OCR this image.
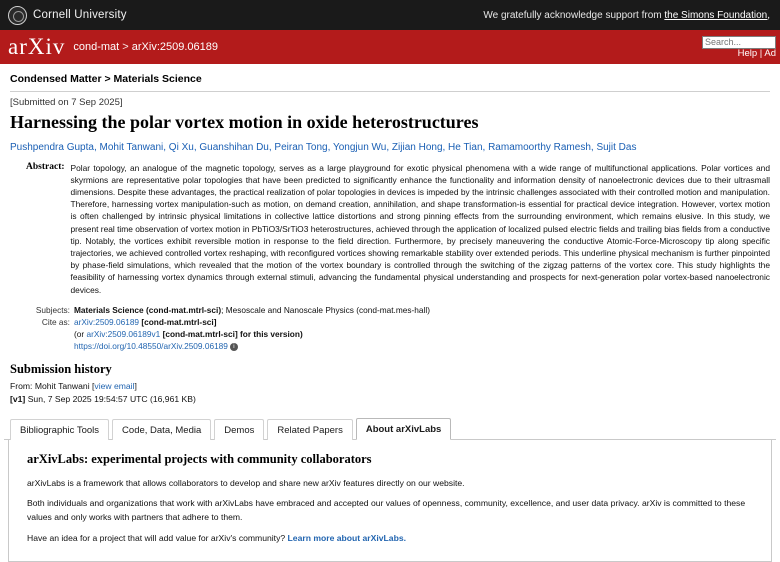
Cornell University	We gratefully acknowledge support from the Simons Foundation,
arXiv cond-mat > arXiv:2509.06189
Search...
Help | Ad
Condensed Matter > Materials Science
[Submitted on 7 Sep 2025]
Harnessing the polar vortex motion in oxide heterostructures
Pushpendra Gupta, Mohit Tanwani, Qi Xu, Guanshihan Du, Peiran Tong, Yongjun Wu, Zijian Hong, He Tian, Ramamoorthy Ramesh, Sujit Das
Abstract: Polar topology, an analogue of the magnetic topology, serves as a large playground for exotic physical phenomena with a wide range of multifunctional applications. Polar vortices and skyrmions are representative polar topologies that have been predicted to significantly enhance the functionality and information density of nanoelectronic devices due to their ultrasmall dimensions. Despite these advantages, the practical realization of polar topologies in devices is impeded by the intrinsic challenges associated with their controlled motion and manipulation. Therefore, harnessing vortex manipulation-such as motion, on demand creation, annihilation, and shape transformation-is essential for practical device integration. However, vortex motion is often challenged by intrinsic physical limitations in collective lattice distortions and strong pinning effects from the surrounding environment, which remains elusive. In this study, we present real time observation of vortex motion in PbTiO3/SrTiO3 heterostructures, achieved through the application of localized pulsed electric fields and trailing bias fields from a conductive tip. Notably, the vortices exhibit reversible motion in response to the field direction. Furthermore, by precisely maneuvering the conductive Atomic-Force-Microscopy tip along specific trajectories, we achieved controlled vortex reshaping, with reconfigured vortices showing remarkable stability over extended periods. This underline physical mechanism is further pinpointed by phase-field simulations, which revealed that the motion of the vortex boundary is controlled through the switching of the zigzag patterns of the vortex core. This study highlights the feasibility of harnessing vortex dynamics through external stimuli, advancing the fundamental physical understanding and prospects for next-generation polar vortex-based nanoelectronic devices.
Subjects:	Materials Science (cond-mat.mtrl-sci); Mesoscale and Nanoscale Physics (cond-mat.mes-hall)
Cite as:	arXiv:2509.06189 [cond-mat.mtrl-sci]
	(or arXiv:2509.06189v1 [cond-mat.mtrl-sci] for this version)
	https://doi.org/10.48550/arXiv.2509.06189 i
Submission history
From: Mohit Tanwani [view email]
[v1] Sun, 7 Sep 2025 19:54:57 UTC (16,961 KB)
Bibliographic Tools	Code, Data, Media	Demos	Related Papers	About arXivLabs
arXivLabs: experimental projects with community collaborators

arXivLabs is a framework that allows collaborators to develop and share new arXiv features directly on our website.

Both individuals and organizations that work with arXivLabs have embraced and accepted our values of openness, community, excellence, and user data privacy. arXiv is committed to these values and only works with partners that adhere to them.

Have an idea for a project that will add value for arXiv's community? Learn more about arXivLabs.
